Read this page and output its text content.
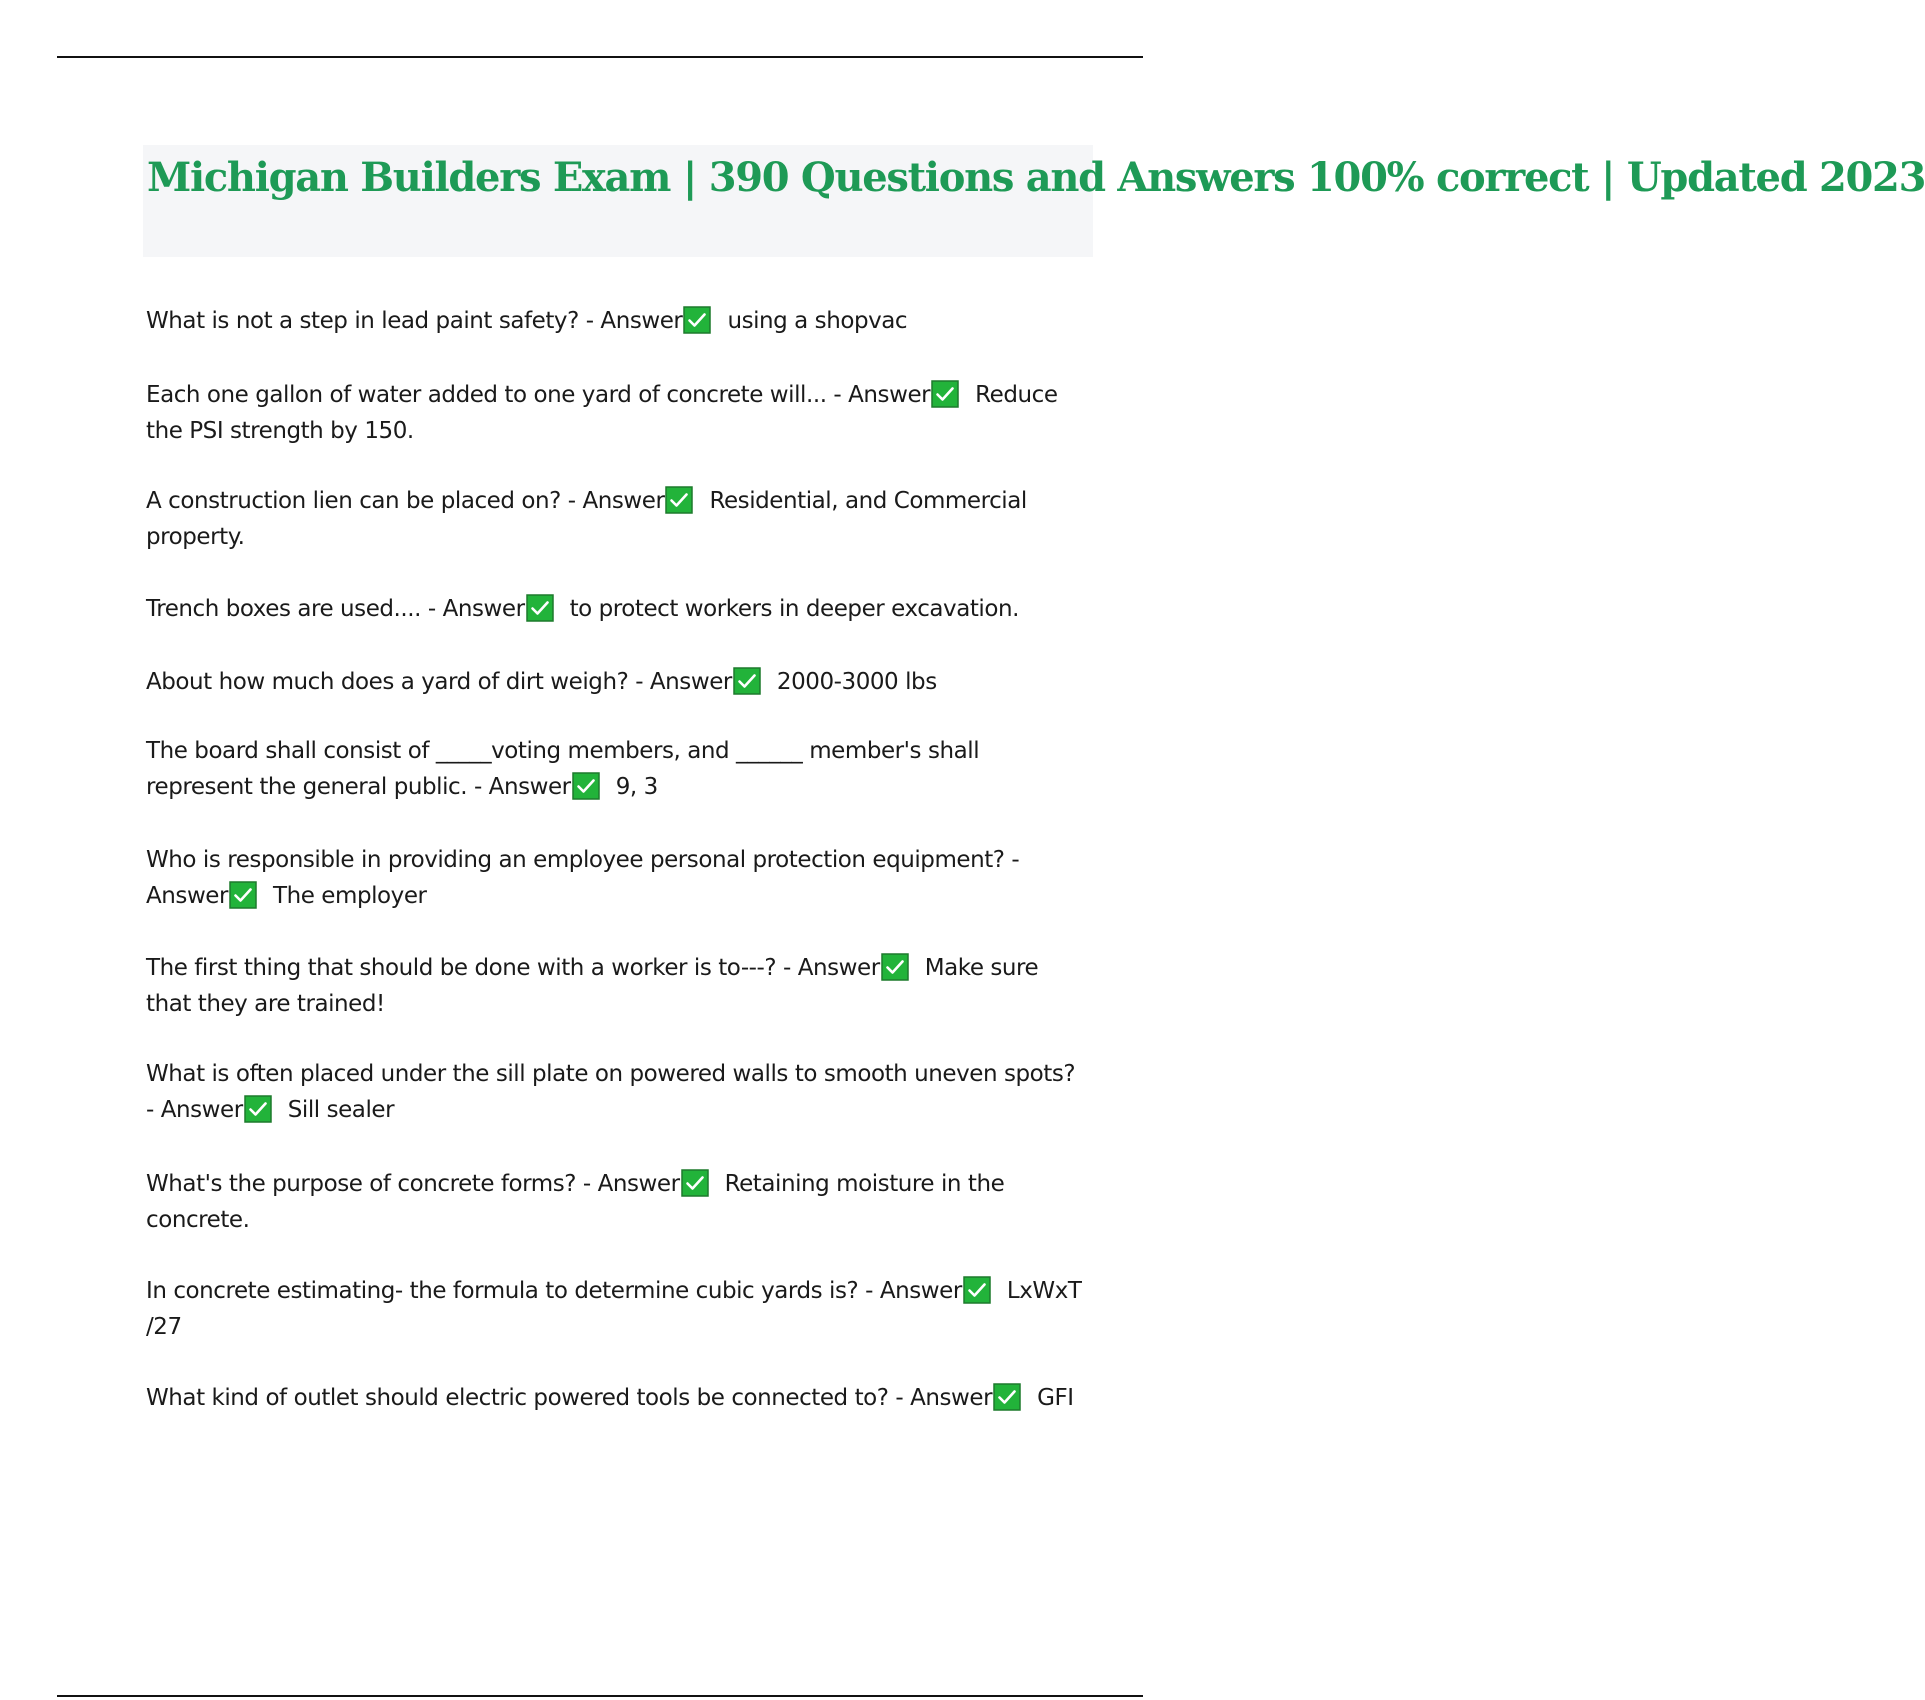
Michigan Builders Exam | 390 Questions and Answers 100% correct | Updated 2023

What is not a step in lead paint safety? - Answer using a shopvac

Each one gallon of water added to one yard of concrete will... - Answer Reduce the PSI strength by 150.

A construction lien can be placed on? - Answer Residential, and Commercial property.

Trench boxes are used.... - Answer to protect workers in deeper excavation.

About how much does a yard of dirt weigh? - Answer 2000-3000 lbs

The board shall consist of _____voting members, and ______ member's shall represent the general public. - Answer 9, 3

Who is responsible in providing an employee personal protection equipment? - Answer The employer

The first thing that should be done with a worker is to---? - Answer Make sure that they are trained!

What is often placed under the sill plate on powered walls to smooth uneven spots? - Answer Sill sealer

What's the purpose of concrete forms? - Answer Retaining moisture in the concrete.

In concrete estimating- the formula to determine cubic yards is? - Answer LxWxT /27

What kind of outlet should electric powered tools be connected to? - Answer GFI
